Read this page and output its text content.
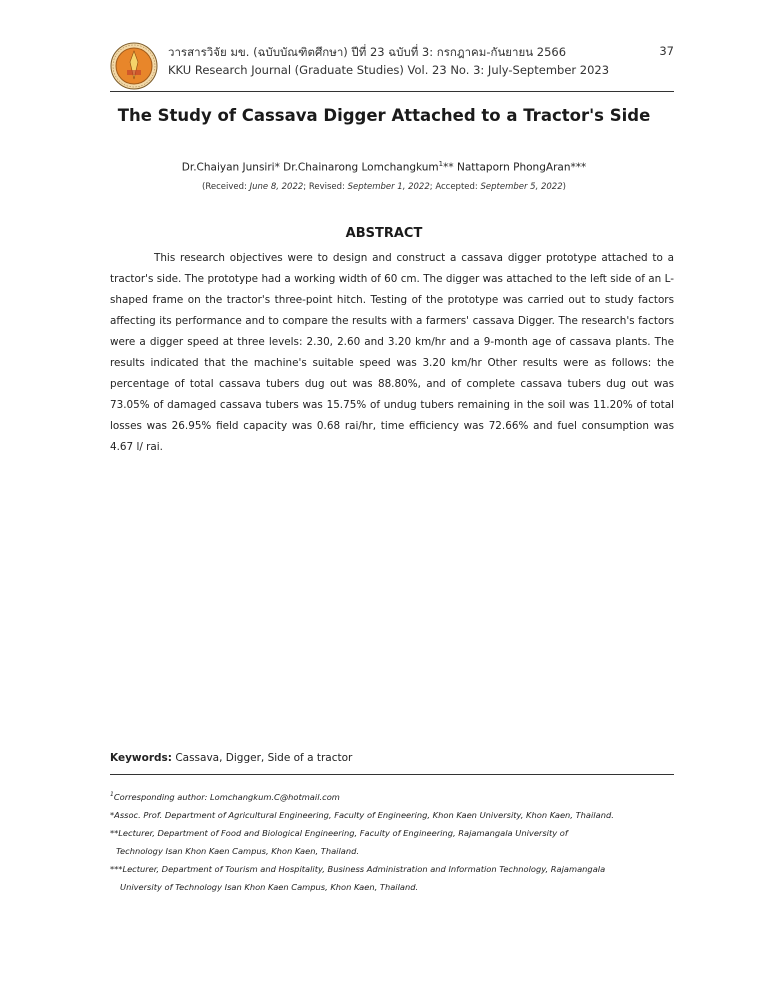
วารสารวิจัย มข. (ฉบับบัณฑิตศึกษา) ปีที่ 23 ฉบับที่ 3: กรกฎาคม-กันยายน 2566
KKU Research Journal (Graduate Studies) Vol. 23 No. 3: July-September 2023
37
The Study of Cassava Digger Attached to a Tractor's Side
Dr.Chaiyan Junsiri* Dr.Chainarong Lomchangkum$^1$** Nattaporn PhongAran***
(Received: June 8, 2022; Revised: September 1, 2022; Accepted: September 5, 2022)
ABSTRACT

This research objectives were to design and construct a cassava digger prototype attached to a tractor's side. The prototype had a working width of 60 cm. The digger was attached to the left side of an L-shaped frame on the tractor's three-point hitch. Testing of the prototype was carried out to study factors affecting its performance and to compare the results with a farmers' cassava Digger. The research's factors were a digger speed at three levels: 2.30, 2.60 and 3.20 km/hr and a 9-month age of cassava plants. The results indicated that the machine's suitable speed was 3.20 km/hr Other results were as follows: the percentage of total cassava tubers dug out was 88.80%, and of complete cassava tubers dug out was 73.05% of damaged cassava tubers was 15.75% of undug tubers remaining in the soil was 11.20% of total losses was 26.95% field capacity was 0.68 rai/hr, time efficiency was 72.66% and fuel consumption was 4.67 l/ rai.

Keywords: Cassava, Digger, Side of a tractor
$^1$Corresponding author: Lomchangkum.C@hotmail.com
*Assoc. Prof. Department of Agricultural Engineering, Faculty of Engineering, Khon Kaen University, Khon Kaen, Thailand.
**Lecturer, Department of Food and Biological Engineering, Faculty of Engineering, Rajamangala University of
Technology Isan Khon Kaen Campus, Khon Kaen, Thailand.
***Lecturer, Department of Tourism and Hospitality, Business Administration and Information Technology, Rajamangala
University of Technology Isan Khon Kaen Campus, Khon Kaen, Thailand.
